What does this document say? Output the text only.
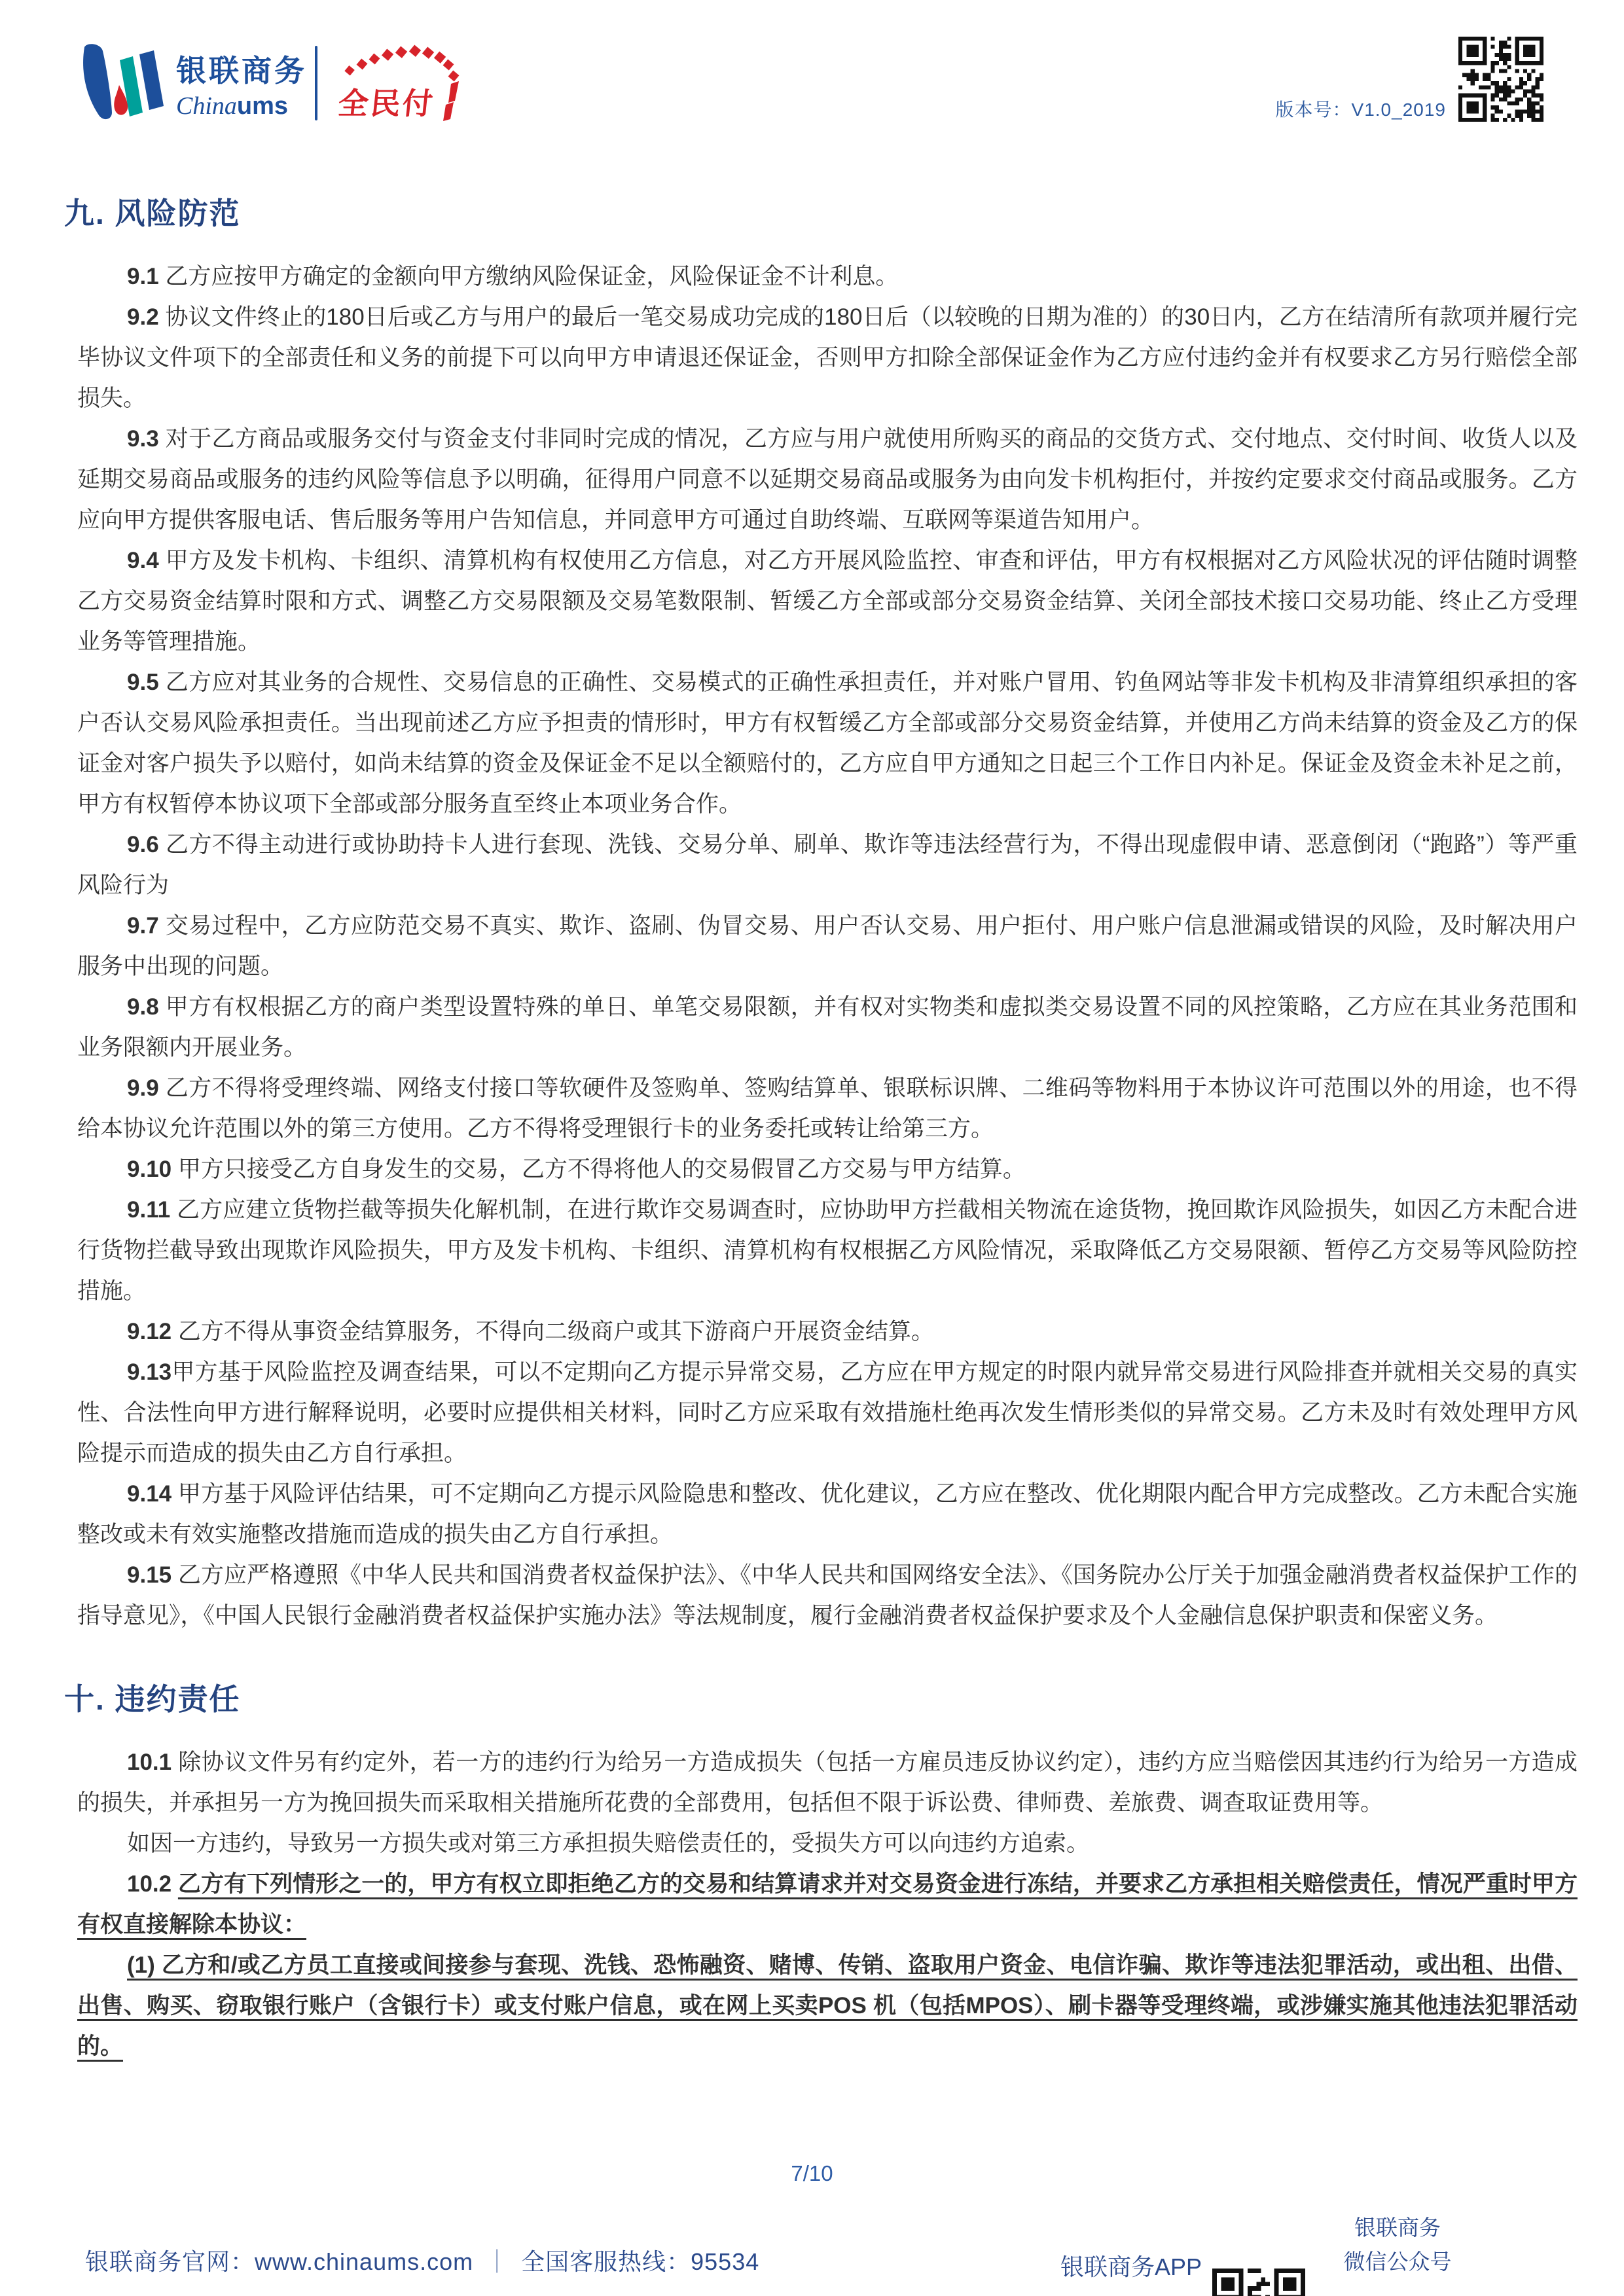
银联商务
Chinaums 全民付	版本号：V1.0_2019
九. 风险防范

9.1 乙方应按甲方确定的金额向甲方缴纳风险保证金，风险保证金不计利息。

9.2 协议文件终止的180日后或乙方与用户的最后一笔交易成功完成的180日后（以较晚的日期为准的）的30日内，乙方在结清所有款项并履行完毕协议文件项下的全部责任和义务的前提下可以向甲方申请退还保证金，否则甲方扣除全部保证金作为乙方应付违约金并有权要求乙方另行赔偿全部损失。

9.3 对于乙方商品或服务交付与资金支付非同时完成的情况，乙方应与用户就使用所购买的商品的交货方式、交付地点、交付时间、收货人以及延期交易商品或服务的违约风险等信息予以明确，征得用户同意不以延期交易商品或服务为由向发卡机构拒付，并按约定要求交付商品或服务。乙方应向甲方提供客服电话、售后服务等用户告知信息，并同意甲方可通过自助终端、互联网等渠道告知用户。

9.4 甲方及发卡机构、卡组织、清算机构有权使用乙方信息，对乙方开展风险监控、审查和评估，甲方有权根据对乙方风险状况的评估随时调整乙方交易资金结算时限和方式、调整乙方交易限额及交易笔数限制、暂缓乙方全部或部分交易资金结算、关闭全部技术接口交易功能、终止乙方受理业务等管理措施。

9.5 乙方应对其业务的合规性、交易信息的正确性、交易模式的正确性承担责任，并对账户冒用、钓鱼网站等非发卡机构及非清算组织承担的客户否认交易风险承担责任。当出现前述乙方应予担责的情形时，甲方有权暂缓乙方全部或部分交易资金结算，并使用乙方尚未结算的资金及乙方的保证金对客户损失予以赔付，如尚未结算的资金及保证金不足以全额赔付的，乙方应自甲方通知之日起三个工作日内补足。保证金及资金未补足之前，甲方有权暂停本协议项下全部或部分服务直至终止本项业务合作。

9.6 乙方不得主动进行或协助持卡人进行套现、洗钱、交易分单、刷单、欺诈等违法经营行为，不得出现虚假申请、恶意倒闭（“跑路”）等严重风险行为

9.7 交易过程中，乙方应防范交易不真实、欺诈、盗刷、伪冒交易、用户否认交易、用户拒付、用户账户信息泄漏或错误的风险，及时解决用户服务中出现的问题。

9.8 甲方有权根据乙方的商户类型设置特殊的单日、单笔交易限额，并有权对实物类和虚拟类交易设置不同的风控策略，乙方应在其业务范围和业务限额内开展业务。

9.9 乙方不得将受理终端、网络支付接口等软硬件及签购单、签购结算单、银联标识牌、二维码等物料用于本协议许可范围以外的用途，也不得给本协议允许范围以外的第三方使用。乙方不得将受理银行卡的业务委托或转让给第三方。

9.10 甲方只接受乙方自身发生的交易，乙方不得将他人的交易假冒乙方交易与甲方结算。

9.11 乙方应建立货物拦截等损失化解机制，在进行欺诈交易调查时，应协助甲方拦截相关物流在途货物，挽回欺诈风险损失，如因乙方未配合进行货物拦截导致出现欺诈风险损失，甲方及发卡机构、卡组织、清算机构有权根据乙方风险情况，采取降低乙方交易限额、暂停乙方交易等风险防控措施。

9.12 乙方不得从事资金结算服务，不得向二级商户或其下游商户开展资金结算。

9.13甲方基于风险监控及调查结果，可以不定期向乙方提示异常交易，乙方应在甲方规定的时限内就异常交易进行风险排查并就相关交易的真实性、合法性向甲方进行解释说明，必要时应提供相关材料，同时乙方应采取有效措施杜绝再次发生情形类似的异常交易。乙方未及时有效处理甲方风险提示而造成的损失由乙方自行承担。

9.14 甲方基于风险评估结果，可不定期向乙方提示风险隐患和整改、优化建议，乙方应在整改、优化期限内配合甲方完成整改。乙方未配合实施整改或未有效实施整改措施而造成的损失由乙方自行承担。

9.15 乙方应严格遵照《中华人民共和国消费者权益保护法》、《中华人民共和国网络安全法》、《国务院办公厅关于加强金融消费者权益保护工作的指导意见》，《中国人民银行金融消费者权益保护实施办法》等法规制度，履行金融消费者权益保护要求及个人金融信息保护职责和保密义务。

十. 违约责任

10.1 除协议文件另有约定外，若一方的违约行为给另一方造成损失（包括一方雇员违反协议约定），违约方应当赔偿因其违约行为给另一方造成的损失，并承担另一方为挽回损失而采取相关措施所花费的全部费用，包括但不限于诉讼费、律师费、差旅费、调查取证费用等。

如因一方违约，导致另一方损失或对第三方承担损失赔偿责任的，受损失方可以向违约方追索。

10.2 乙方有下列情形之一的，甲方有权立即拒绝乙方的交易和结算请求并对交易资金进行冻结，并要求乙方承担相关赔偿责任，情况严重时甲方有权直接解除本协议：

(1) 乙方和/或乙方员工直接或间接参与套现、洗钱、恐怖融资、赌博、传销、盗取用户资金、电信诈骗、欺诈等违法犯罪活动，或出租、出借、出售、购买、窃取银行账户（含银行卡）或支付账户信息，或在网上买卖POS 机（包括MPOS）、刷卡器等受理终端，或涉嫌实施其他违法犯罪活动的。

7/10
银联商务官网：www.chinaums.com ｜ 全国客服热线：95534	银联商务APP
银联商务
微信公众号
